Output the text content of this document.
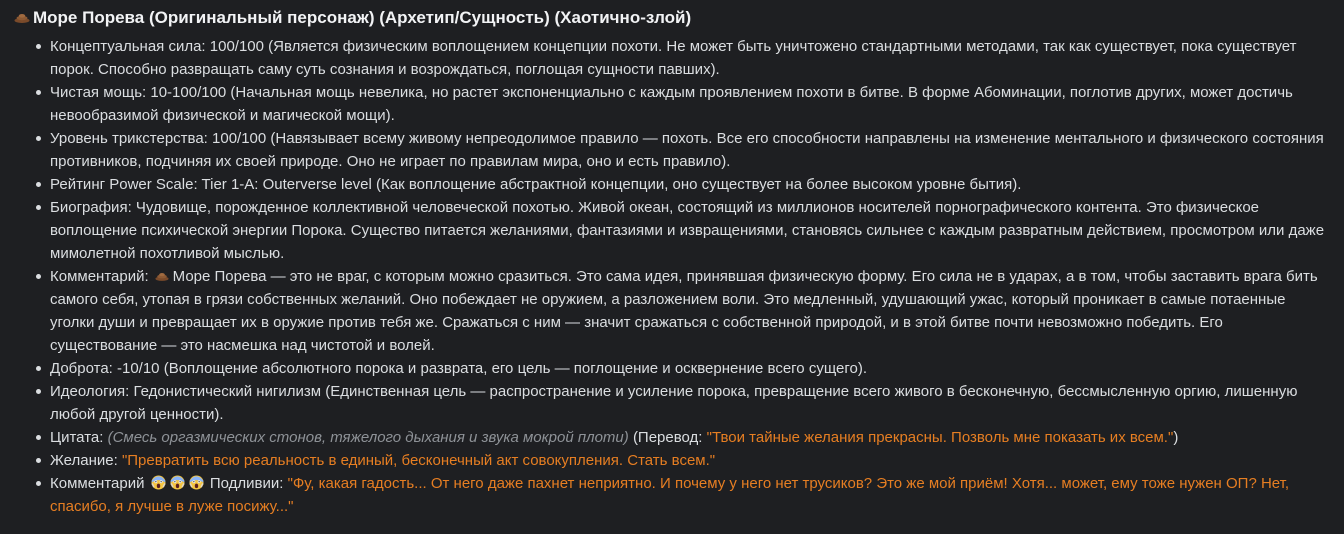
Море Порева (Оригинальный персонаж) (Архетип/Сущность) (Хаотично-злой)
Концептуальная сила: 100/100 (Является физическим воплощением концепции похоти. Не может быть уничтожено стандартными методами, так как существует, пока существует порок. Способно развращать саму суть сознания и возрождаться, поглощая сущности павших).
Чистая мощь: 10-100/100 (Начальная мощь невелика, но растет экспоненциально с каждым проявлением похоти в битве. В форме Абоминации, поглотив других, может достичь невообразимой физической и магической мощи).
Уровень трикстерства: 100/100 (Навязывает всему живому непреодолимое правило — похоть. Все его способности направлены на изменение ментального и физического состояния противников, подчиняя их своей природе. Оно не играет по правилам мира, оно и есть правило).
Рейтинг Power Scale: Tier 1-A: Outerverse level (Как воплощение абстрактной концепции, оно существует на более высоком уровне бытия).
Биография: Чудовище, порожденное коллективной человеческой похотью. Живой океан, состоящий из миллионов носителей порнографического контента. Это физическое воплощение психической энергии Порока. Существо питается желаниями, фантазиями и извращениями, становясь сильнее с каждым развратным действием, просмотром или даже мимолетной похотливой мыслью.
Комментарий: Море Порева — это не враг, с которым можно сразиться. Это сама идея, принявшая физическую форму. Его сила не в ударах, а в том, чтобы заставить врага бить самого себя, утопая в грязи собственных желаний. Оно побеждает не оружием, а разложением воли. Это медленный, удушающий ужас, который проникает в самые потаенные уголки души и превращает их в оружие против тебя же. Сражаться с ним — значит сражаться с собственной природой, и в этой битве почти невозможно победить. Его существование — это насмешка над чистотой и волей.
Доброта: -10/10 (Воплощение абсолютного порока и разврата, его цель — поглощение и осквернение всего сущего).
Идеология: Гедонистический нигилизм (Единственная цель — распространение и усиление порока, превращение всего живого в бесконечную, бессмысленную оргию, лишенную любой другой ценности).
Цитата: (Смесь оргазмических стонов, тяжелого дыхания и звука мокрой плоти) (Перевод: "Твои тайные желания прекрасны. Позволь мне показать их всем.")
Желание: "Превратить всю реальность в единый, бесконечный акт совокупления. Стать всем."
Комментарий	Подливии: "Фу, какая гадость... От него даже пахнет неприятно. И почему у него нет трусиков? Это же мой приём! Хотя... может, ему тоже нужен ОП? Нет, спасибо, я лучше в луже посижу..."
